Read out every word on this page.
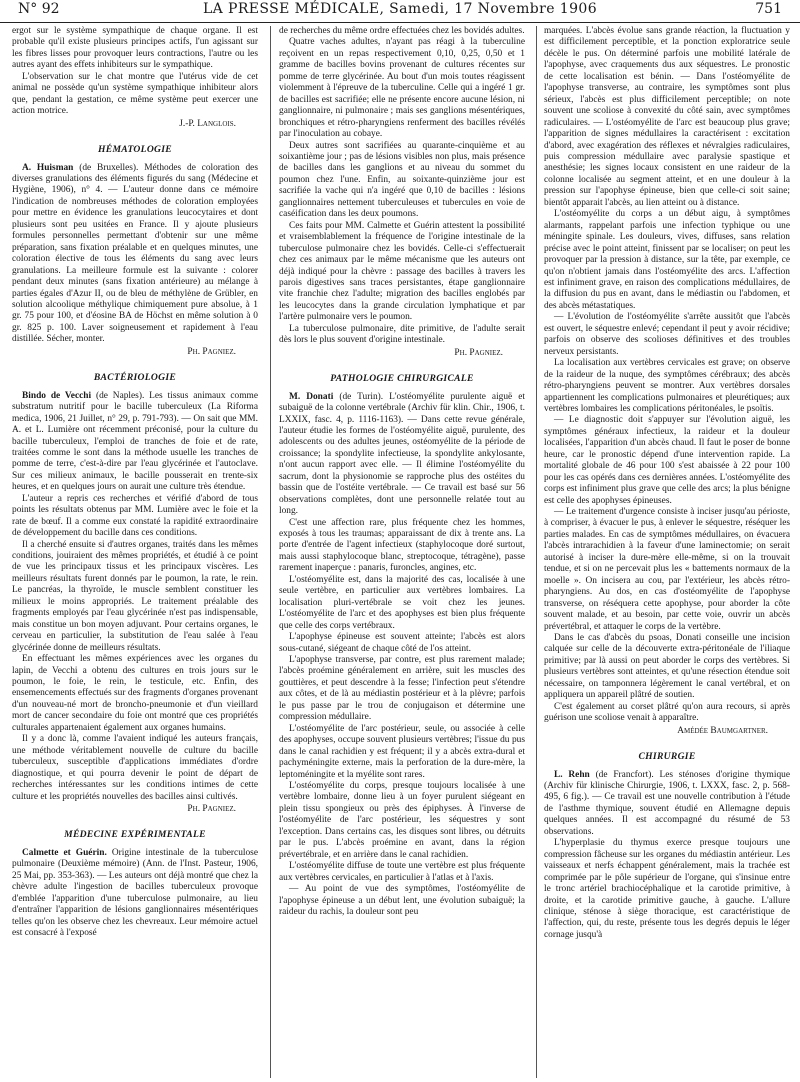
N° 92	LA PRESSE MÉDICALE, Samedi, 17 Novembre 1906	751

ergot sur le système sympathique de chaque organe. Il est probable qu'il existe plusieurs principes actifs, l'un agissant sur les fibres lisses pour provoquer leurs contractions, l'autre ou les autres ayant des effets inhibiteurs sur le sympathique.

L'observation sur le chat montre que l'utérus vide de cet animal ne possède qu'un système sympathique inhibiteur alors que, pendant la gestation, ce même système peut exercer une action motrice.

J.-P. Langlois.

HÉMATOLOGIE

A. Huisman (de Bruxelles). Méthodes de coloration des diverses granulations des éléments figurés du sang (Médecine et Hygiène, 1906), n° 4. — L'auteur donne dans ce mémoire l'indication de nombreuses méthodes de coloration employées pour mettre en évidence les granulations leucocytaires et dont plusieurs sont peu usitées en France. Il y ajoute plusieurs formules personnelles permettant d'obtenir sur une même préparation, sans fixation préalable et en quelques minutes, une coloration élective de tous les éléments du sang avec leurs granulations. La meilleure formule est la suivante : colorer pendant deux minutes (sans fixation antérieure) au mélange à parties égales d'Azur II, ou de bleu de méthylène de Grübler, en solution alcoolique méthylique chimiquement pure absolue, à 1 gr. 75 pour 100, et d'éosine BA de Höchst en même solution à 0 gr. 825 p. 100. Laver soigneusement et rapidement à l'eau distillée. Sécher, monter.

Ph. Pagniez.

BACTÉRIOLOGIE

Bindo de Vecchi (de Naples). Les tissus animaux comme substratum nutritif pour le bacille tuberculeux (La Riforma medica, 1906, 21 Juillet, n° 29, p. 791-793). — On sait que MM. A. et L. Lumière ont récemment préconisé, pour la culture du bacille tuberculeux, l'emploi de tranches de foie et de rate, traitées comme le sont dans la méthode usuelle les tranches de pomme de terre, c'est-à-dire par l'eau glycérinée et l'autoclave. Sur ces milieux animaux, le bacille pousserait en trente-six heures, et en quelques jours on aurait une culture très étendue.

L'auteur a repris ces recherches et vérifié d'abord de tous points les résultats obtenus par MM. Lumière avec le foie et la rate de bœuf. Il a comme eux constaté la rapidité extraordinaire de développement du bacille dans ces conditions.

Il a cherché ensuite si d'autres organes, traités dans les mêmes conditions, jouiraient des mêmes propriétés, et étudié à ce point de vue les principaux tissus et les principaux viscères. Les meilleurs résultats furent donnés par le poumon, la rate, le rein. Le pancréas, la thyroïde, le muscle semblent constituer les milieux le moins appropriés. Le traitement préalable des fragments employés par l'eau glycérinée n'est pas indispensable, mais constitue un bon moyen adjuvant. Pour certains organes, le cerveau en particulier, la substitution de l'eau salée à l'eau glycérinée donne de meilleurs résultats.

En effectuant les mêmes expériences avec les organes du lapin, de Vecchi a obtenu des cultures en trois jours sur le poumon, le foie, le rein, le testicule, etc. Enfin, des ensemencements effectués sur des fragments d'organes provenant d'un nouveau-né mort de broncho-pneumonie et d'un vieillard mort de cancer secondaire du foie ont montré que ces propriétés culturales appartenaient également aux organes humains.

Il y a donc là, comme l'avaient indiqué les auteurs français, une méthode véritablement nouvelle de culture du bacille tuberculeux, susceptible d'applications immédiates d'ordre diagnostique, et qui pourra devenir le point de départ de recherches intéressantes sur les conditions intimes de cette culture et les propriétés nouvelles des bacilles ainsi cultivés.

Ph. Pagniez.

MÉDECINE EXPÉRIMENTALE

Calmette et Guérin. Origine intestinale de la tuberculose pulmonaire (Deuxième mémoire) (Ann. de l'Inst. Pasteur, 1906, 25 Mai, pp. 353-363). — Les auteurs ont déjà montré que chez la chèvre adulte l'ingestion de bacilles tuberculeux provoque d'emblée l'apparition d'une tuberculose pulmonaire, au lieu d'entraîner l'apparition de lésions ganglionnaires mésentériques telles qu'on les observe chez les chevreaux. Leur mémoire actuel est consacré à l'exposé

de recherches du même ordre effectuées chez les bovidés adultes.

Quatre vaches adultes, n'ayant pas réagi à la tuberculine reçoivent en un repas respectivement 0,10, 0,25, 0,50 et 1 gramme de bacilles bovins provenant de cultures récentes sur pomme de terre glycérinée. Au bout d'un mois toutes réagissent violemment à l'épreuve de la tuberculine. Celle qui a ingéré 1 gr. de bacilles est sacrifiée; elle ne présente encore aucune lésion, ni ganglionnaire, ni pulmonaire ; mais ses ganglions mésentériques, bronchiques et rétro-pharyngiens renferment des bacilles révélés par l'inoculation au cobaye.

Deux autres sont sacrifiées au quarante-cinquième et au soixantième jour ; pas de lésions visibles non plus, mais présence de bacilles dans les ganglions et au niveau du sommet du poumon chez l'une. Enfin, au soixante-quinzième jour est sacrifiée la vache qui n'a ingéré que 0,10 de bacilles : lésions ganglionnaires nettement tuberculeuses et tubercules en voie de caséification dans les deux poumons.

Ces faits pour MM. Calmette et Guérin attestent la possibilité et vraisemblablement la fréquence de l'origine intestinale de la tuberculose pulmonaire chez les bovidés. Celle-ci s'effectuerait chez ces animaux par le même mécanisme que les auteurs ont déjà indiqué pour la chèvre : passage des bacilles à travers les parois digestives sans traces persistantes, étape ganglionnaire vite franchie chez l'adulte; migration des bacilles englobés par les leucocytes dans la grande circulation lymphatique et par l'artère pulmonaire vers le poumon.

La tuberculose pulmonaire, dite primitive, de l'adulte serait dès lors le plus souvent d'origine intestinale.

Ph. Pagniez.

PATHOLOGIE CHIRURGICALE

M. Donati (de Turin). L'ostéomyélite purulente aiguë et subaiguë de la colonne vertébrale (Archiv für klin. Chir., 1906, t. LXXIX, fasc. 4, p. 1116-1163). — Dans cette revue générale, l'auteur étudie les formes de l'ostéomyélite aiguë, purulente, des adolescents ou des adultes jeunes, ostéomyélite de la période de croissance; la spondylite infectieuse, la spondylite ankylosante, n'ont aucun rapport avec elle. — Il élimine l'ostéomyélite du sacrum, dont la physionomie se rapproche plus des ostéites du bassin que de l'ostéite vertébrale. — Ce travail est basé sur 56 observations complètes, dont une personnelle relatée tout au long.

C'est une affection rare, plus fréquente chez les hommes, exposés à tous les traumas; apparaissant de dix à trente ans. La porte d'entrée de l'agent infectieux (staphylocoque doré surtout, mais aussi staphylocoque blanc, streptocoque, tétragène), passe rarement inaperçue : panaris, furoncles, angines, etc.

L'ostéomyélite est, dans la majorité des cas, localisée à une seule vertèbre, en particulier aux vertèbres lombaires. La localisation pluri-vertébrale se voit chez les jeunes. L'ostéomyélite de l'arc et des apophyses est bien plus fréquente que celle des corps vertébraux.

L'apophyse épineuse est souvent atteinte; l'abcès est alors sous-cutané, siégeant de chaque côté de l'os atteint.

L'apophyse transverse, par contre, est plus rarement malade; l'abcès proémine généralement en arrière, suit les muscles des gouttières, et peut descendre à la fesse; l'infection peut s'étendre aux côtes, et de là au médiastin postérieur et à la plèvre; parfois le pus passe par le trou de conjugaison et détermine une compression médullaire.

L'ostéomyélite de l'arc postérieur, seule, ou associée à celle des apophyses, occupe souvent plusieurs vertèbres; l'issue du pus dans le canal rachidien y est fréquent; il y a abcès extra-dural et pachyméningite externe, mais la perforation de la dure-mère, la leptoméningite et la myélite sont rares.

L'ostéomyélite du corps, presque toujours localisée à une vertèbre lombaire, donne lieu à un foyer purulent siégeant en plein tissu spongieux ou près des épiphyses. À l'inverse de l'ostéomyélite de l'arc postérieur, les séquestres y sont l'exception. Dans certains cas, les disques sont libres, ou détruits par le pus. L'abcès proémine en avant, dans la région prévertébrale, et en arrière dans le canal rachidien.

L'ostéomyélite diffuse de toute une vertèbre est plus fréquente aux vertèbres cervicales, en particulier à l'atlas et à l'axis.

— Au point de vue des symptômes, l'ostéomyélite de l'apophyse épineuse a un début lent, une évolution subaiguë; la raideur du rachis, la douleur sont peu

marquées. L'abcès évolue sans grande réaction, la fluctuation y est difficilement perceptible, et la ponction exploratrice seule décèle le pus. On déterminé parfois une mobilité latérale de l'apophyse, avec craquements dus aux séquestres. Le pronostic de cette localisation est bénin. — Dans l'ostéomyélite de l'apophyse transverse, au contraire, les symptômes sont plus sérieux, l'abcès est plus difficilement perceptible; on note souvent une scoliose à convexité du côté sain, avec symptômes radiculaires. — L'ostéomyélite de l'arc est beaucoup plus grave; l'apparition de signes médullaires la caractérisent : excitation d'abord, avec exagération des réflexes et névralgies radiculaires, puis compression médullaire avec paralysie spastique et anesthésie; les signes locaux consistent en une raideur de la colonne localisée au segment atteint, et en une douleur à la pression sur l'apophyse épineuse, bien que celle-ci soit saine; bientôt apparait l'abcès, au lien atteint ou à distance.

L'ostéomyélite du corps a un début aigu, à symptômes alarmants, rappelant parfois une infection typhique ou une méningite spinale. Les douleurs, vives, diffuses, sans relation précise avec le point atteint, finissent par se localiser; on peut les provoquer par la pression à distance, sur la tête, par exemple, ce qu'on n'obtient jamais dans l'ostéomyélite des arcs. L'affection est infiniment grave, en raison des complications médullaires, de la diffusion du pus en avant, dans le médiastin ou l'abdomen, et des abcès métastatiques.

— L'évolution de l'ostéomyélite s'arrête aussitôt que l'abcès est ouvert, le séquestre enlevé; cependant il peut y avoir récidive; parfois on observe des scolioses définitives et des troubles nerveux persistants.

La localisation aux vertèbres cervicales est grave; on observe de la raideur de la nuque, des symptômes cérébraux; des abcès rétro-pharyngiens peuvent se montrer. Aux vertèbres dorsales appartiennent les complications pulmonaires et pleurétiques; aux vertèbres lombaires les complications péritonéales, le psoïtis.

— Le diagnostic doit s'appuyer sur l'évolution aiguë, les symptômes généraux infectieux, la raideur et la douleur localisées, l'apparition d'un abcès chaud. Il faut le poser de bonne heure, car le pronostic dépend d'une intervention rapide. La mortalité globale de 46 pour 100 s'est abaissée à 22 pour 100 pour les cas opérés dans ces dernières années. L'ostéomyélite des corps est infiniment plus grave que celle des arcs; la plus bénigne est celle des apophyses épineuses.

— Le traitement d'urgence consiste à inciser jusqu'au périoste, à compriser, à évacuer le pus, à enlever le séquestre, réséquer les parties malades. En cas de symptômes médullaires, on évacuera l'abcès intrarachidien à la faveur d'une laminectomie; on serait autorisé à inciser la dure-mère elle-même, si on la trouvait tendue, et si on ne percevait plus les « battements normaux de la moelle ». On incisera au cou, par l'extérieur, les abcès rétro-pharyngiens. Au dos, en cas d'ostéomyélite de l'apophyse transverse, on réséquera cette apophyse, pour aborder la côte souvent malade, et au besoin, par cette voie, ouvrir un abcès prévertébral, et attaquer le corps de la vertèbre.

Dans le cas d'abcès du psoas, Donati conseille une incision calquée sur celle de la découverte extra-péritonéale de l'iliaque primitive; par là aussi on peut aborder le corps des vertèbres. Si plusieurs vertèbres sont atteintes, et qu'une résection étendue soit nécessaire, on tamponnera légèrement le canal vertébral, et on appliquera un appareil plâtré de soutien.

C'est également au corset plâtré qu'on aura recours, si après guérison une scoliose venait à apparaître.

Amédée Baumgartner.

CHIRURGIE

L. Rehn (de Francfort). Les sténoses d'origine thymique (Archiv für klinische Chirurgie, 1906, t. LXXX, fasc. 2, p. 568-495, 6 fig.). — Ce travail est une nouvelle contribution à l'étude de l'asthme thymique, souvent étudié en Allemagne depuis quelques années. Il est accompagné du résumé de 53 observations.

L'hyperplasie du thymus exerce presque toujours une compression fâcheuse sur les organes du médiastin antérieur. Les vaisseaux et nerfs échappent généralement, mais la trachée est comprimée par le pôle supérieur de l'organe, qui s'insinue entre le tronc artériel brachiocéphalique et la carotide primitive, à droite, et la carotide primitive gauche, à gauche. L'allure clinique, sténose à siège thoracique, est caractéristique de l'affection, qui, du reste, présente tous les degrés depuis le léger cornage jusqu'à
